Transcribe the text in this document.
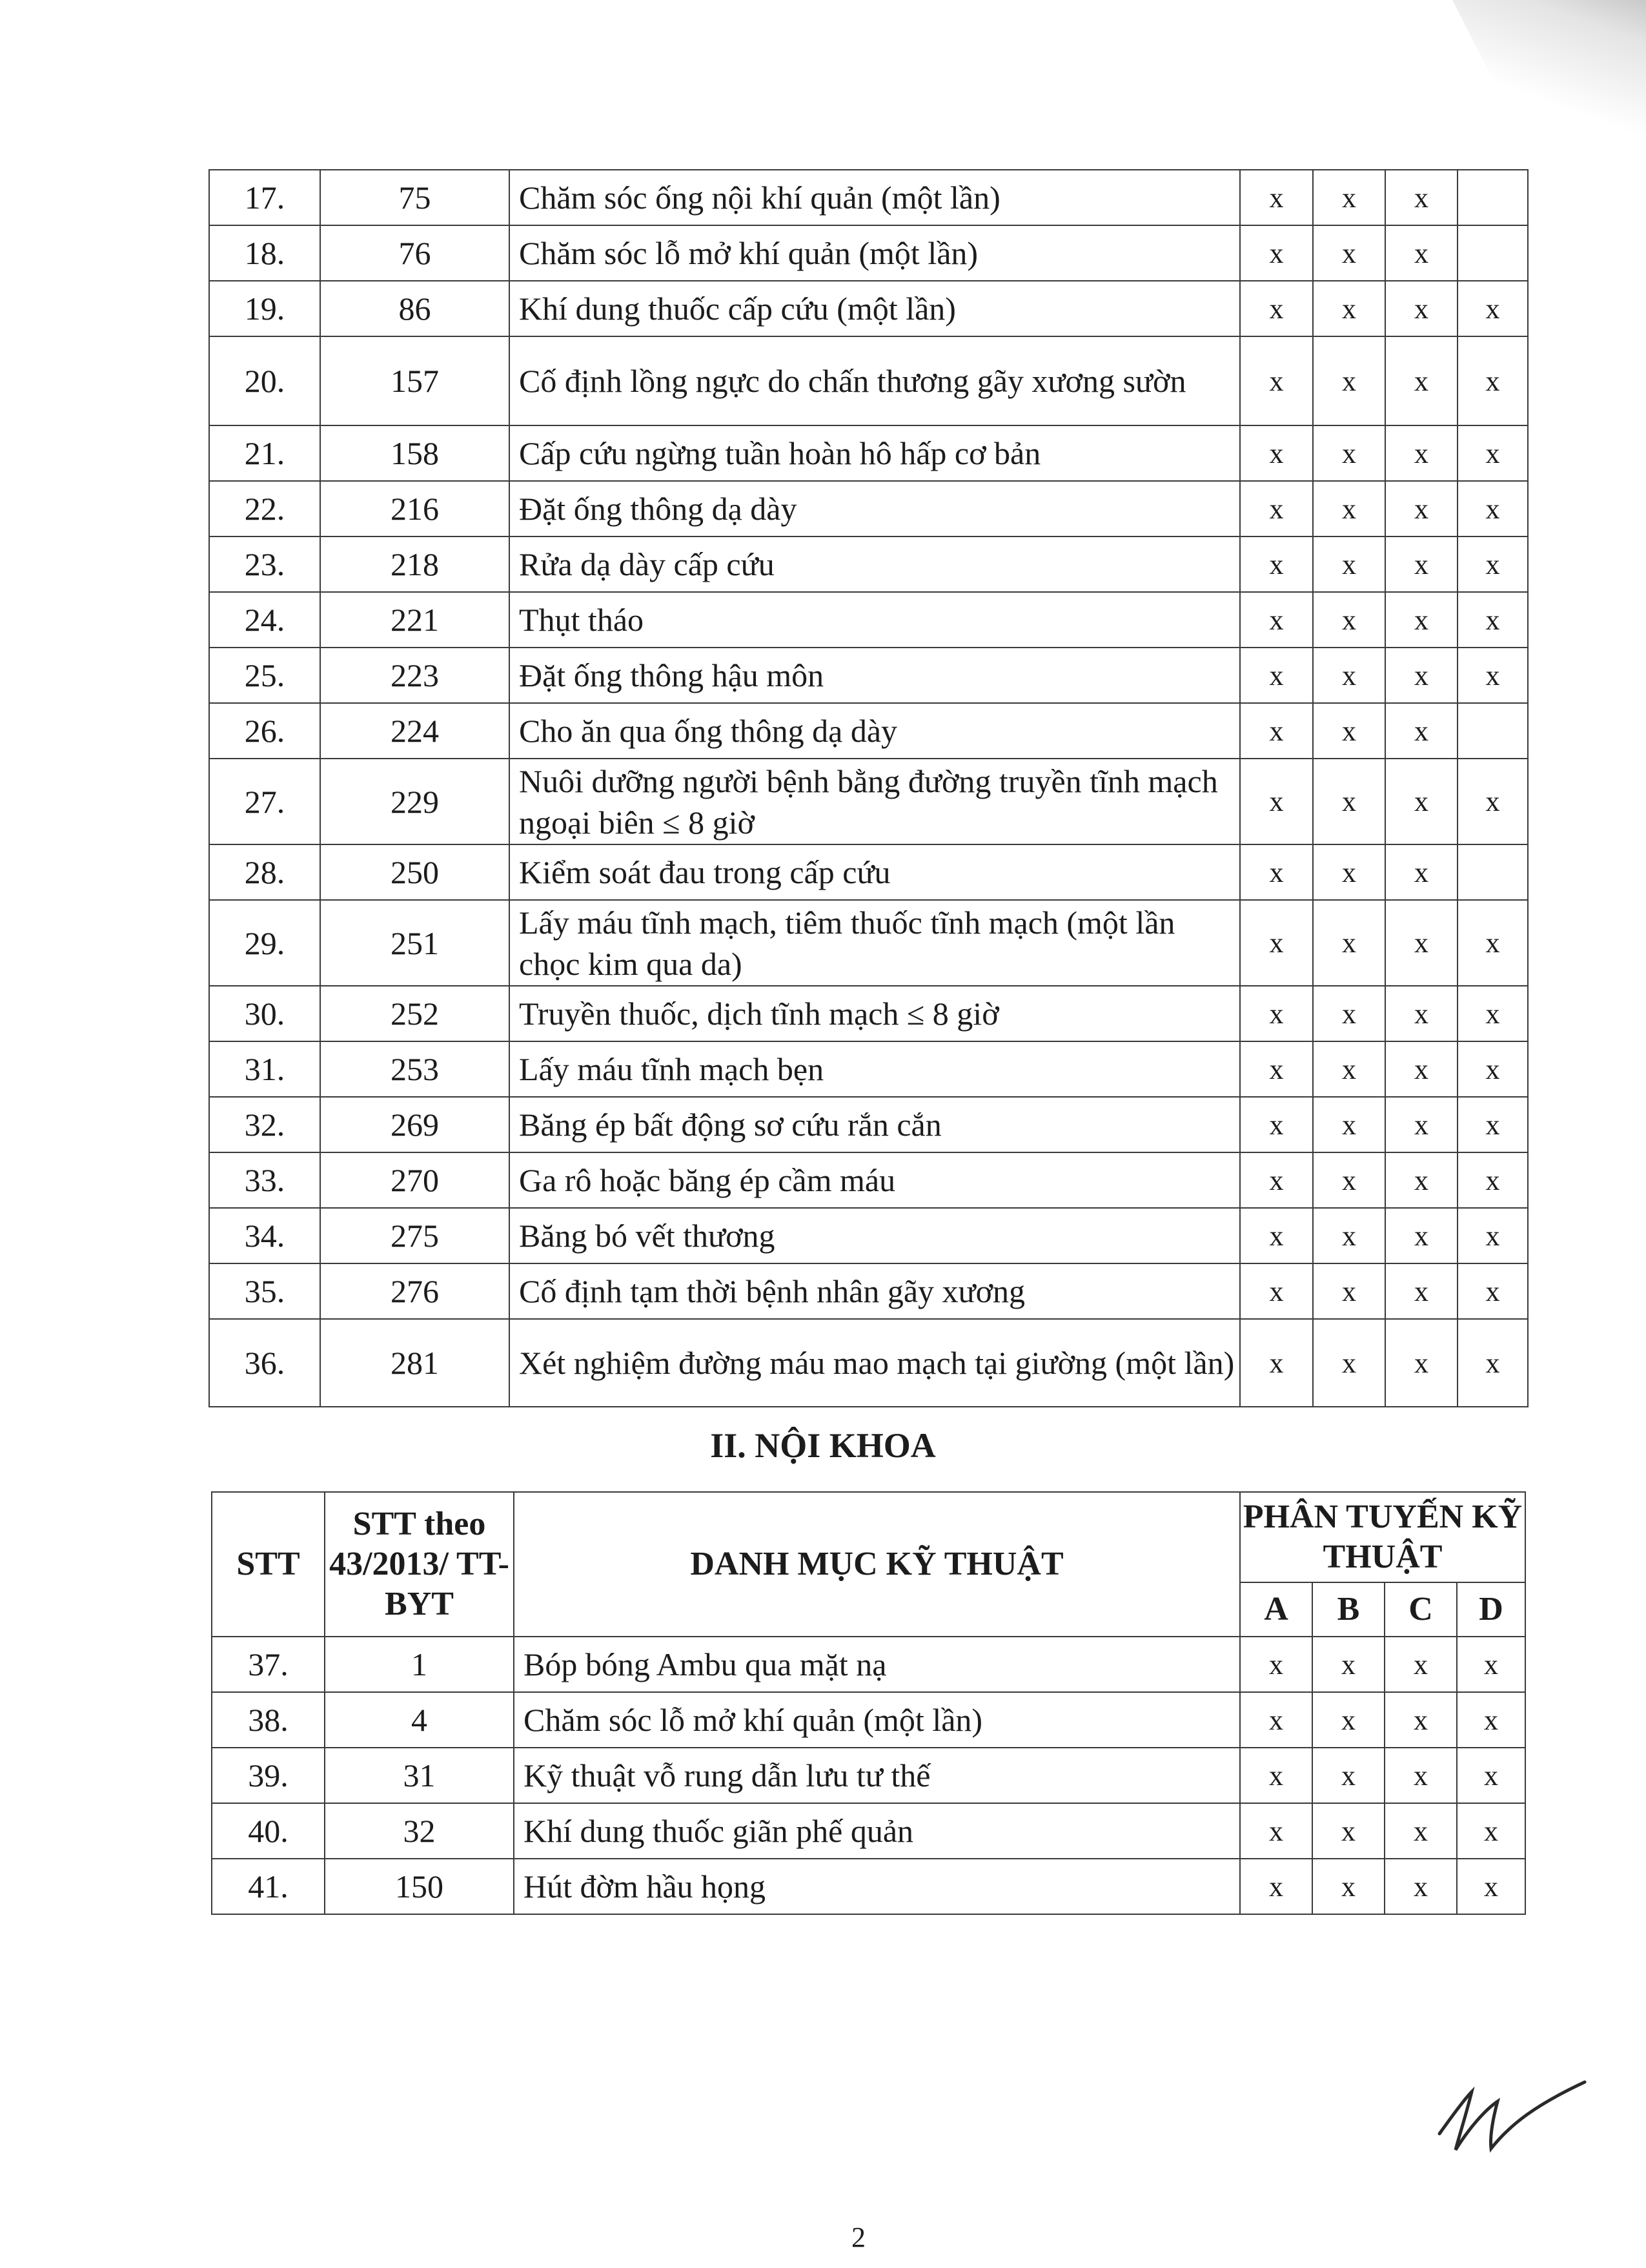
17.	75	Chăm sóc ống nội khí quản (một lần)	x	x	x	
18.	76	Chăm sóc lỗ mở khí quản (một lần)	x	x	x	
19.	86	Khí dung thuốc cấp cứu (một lần)	x	x	x	x
20.	157	Cố định lồng ngực do chấn thương gãy xương sườn	x	x	x	x
21.	158	Cấp cứu ngừng tuần hoàn hô hấp cơ bản	x	x	x	x
22.	216	Đặt ống thông dạ dày	x	x	x	x
23.	218	Rửa dạ dày cấp cứu	x	x	x	x
24.	221	Thụt tháo	x	x	x	x
25.	223	Đặt ống thông hậu môn	x	x	x	x
26.	224	Cho ăn qua ống thông dạ dày	x	x	x	
27.	229	Nuôi dưỡng người bệnh bằng đường truyền tĩnh mạch ngoại biên ≤ 8 giờ	x	x	x	x
28.	250	Kiểm soát đau trong cấp cứu	x	x	x	
29.	251	Lấy máu tĩnh mạch, tiêm thuốc tĩnh mạch (một lần chọc kim qua da)	x	x	x	x
30.	252	Truyền thuốc, dịch tĩnh mạch ≤ 8 giờ	x	x	x	x
31.	253	Lấy máu tĩnh mạch bẹn	x	x	x	x
32.	269	Băng ép bất động sơ cứu rắn cắn	x	x	x	x
33.	270	Ga rô hoặc băng ép cầm máu	x	x	x	x
34.	275	Băng bó vết thương	x	x	x	x
35.	276	Cố định tạm thời bệnh nhân gãy xương	x	x	x	x
36.	281	Xét nghiệm đường máu mao mạch tại giường (một lần)	x	x	x	x
II. NỘI KHOA
STT	STT theo 43/2013/ TT-BYT	DANH MỤC KỸ THUẬT	PHÂN TUYẾN KỸ THUẬT			
			A	B	C	D
37.	1	Bóp bóng Ambu qua mặt nạ	x	x	x	x
38.	4	Chăm sóc lỗ mở khí quản (một lần)	x	x	x	x
39.	31	Kỹ thuật vỗ rung dẫn lưu tư thế	x	x	x	x
40.	32	Khí dung thuốc giãn phế quản	x	x	x	x
41.	150	Hút đờm hầu họng	x	x	x	x
2
